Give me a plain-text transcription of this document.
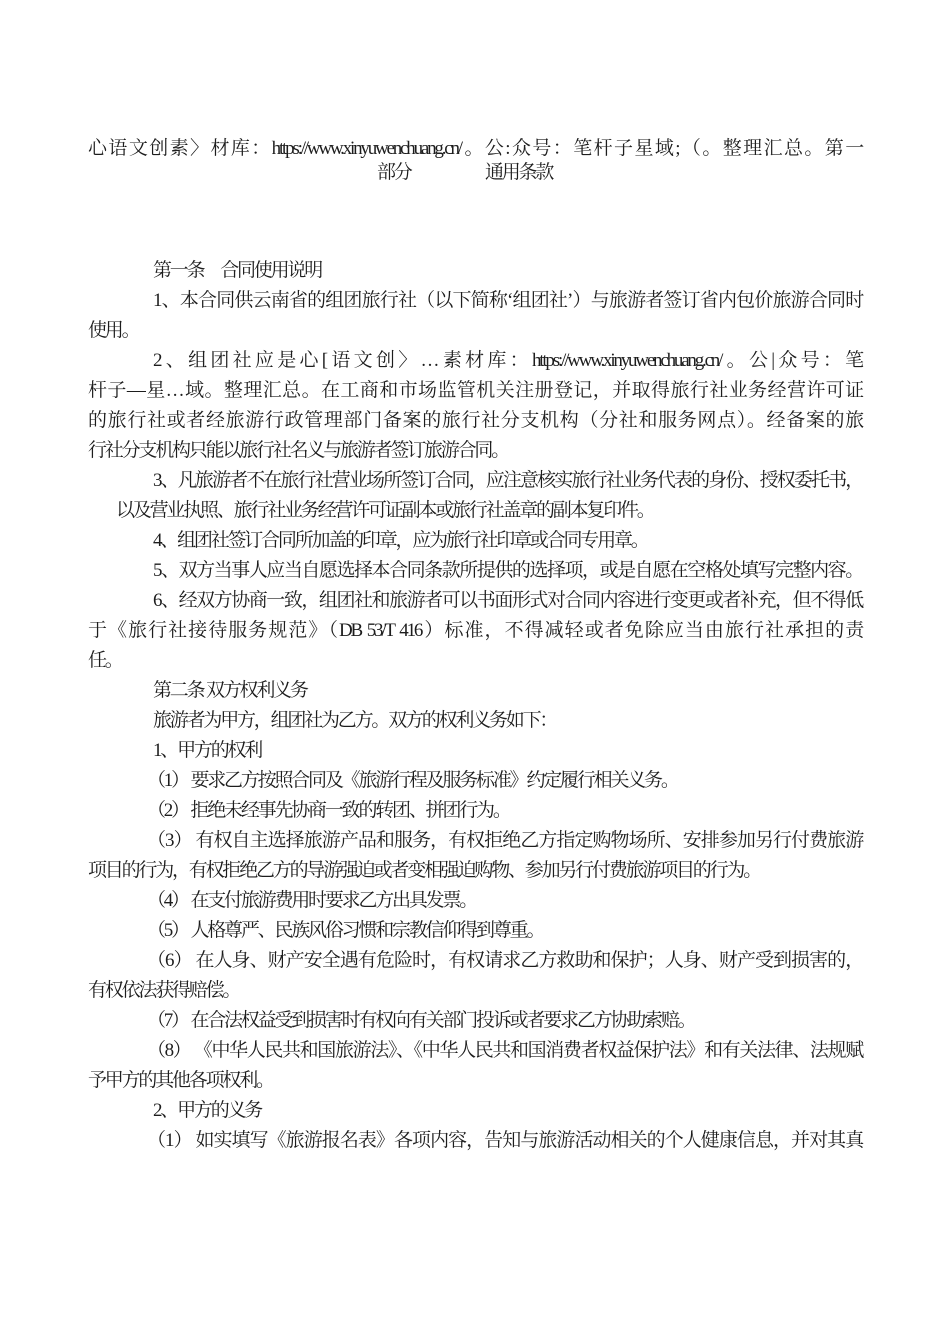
心语文创素〉材库：https://www.xinyuwenchuang.cn/。公:众号：笔杆子星域;（。整理汇总。第一
部分	通用条款
第一条　合同使用说明
1、本合同供云南省的组团旅行社（以下简称‘组团社’）与旅游者签订省内包价旅游合同时
使用。
2、组团社应是心[语文创〉…素材库：https://www.xinyuwenchuang.cn/。公|众号：笔
杆子—星…域。整理汇总。在工商和市场监管机关注册登记，并取得旅行社业务经营许可证
的旅行社或者经旅游行政管理部门备案的旅行社分支机构（分社和服务网点）。经备案的旅
行社分支机构只能以旅行社名义与旅游者签订旅游合同。
3、凡旅游者不在旅行社营业场所签订合同，应注意核实旅行社业务代表的身份、授权委托书，
以及营业执照、旅行社业务经营许可证副本或旅行社盖章的副本复印件。
4、组团社签订合同所加盖的印章，应为旅行社印章或合同专用章。
5、双方当事人应当自愿选择本合同条款所提供的选择项，或是自愿在空格处填写完整内容。
6、经双方协商一致，组团社和旅游者可以书面形式对合同内容进行变更或者补充，但不得低
于《旅行社接待服务规范》（DB 53/T 416）标准，不得减轻或者免除应当由旅行社承担的责
任。
第二条 双方权利义务
旅游者为甲方，组团社为乙方。双方的权利义务如下：
1、甲方的权利
（1） 要求乙方按照合同及《旅游行程及服务标准》约定履行相关义务。
（2） 拒绝未经事先协商一致的转团、拼团行为。
（3） 有权自主选择旅游产品和服务，有权拒绝乙方指定购物场所、安排参加另行付费旅游
项目的行为，有权拒绝乙方的导游强迫或者变相强迫购物、参加另行付费旅游项目的行为。
（4） 在支付旅游费用时要求乙方出具发票。
（5） 人格尊严、民族风俗习惯和宗教信仰得到尊重。
（6） 在人身、财产安全遇有危险时，有权请求乙方救助和保护；人身、财产受到损害的，
有权依法获得赔偿。
（7） 在合法权益受到损害时有权向有关部门投诉或者要求乙方协助索赔。
（8） 《中华人民共和国旅游法》、《中华人民共和国消费者权益保护法》和有关法律、法规赋
予甲方的其他各项权利。
2、甲方的义务
（1） 如实填写《旅游报名表》各项内容，告知与旅游活动相关的个人健康信息，并对其真
